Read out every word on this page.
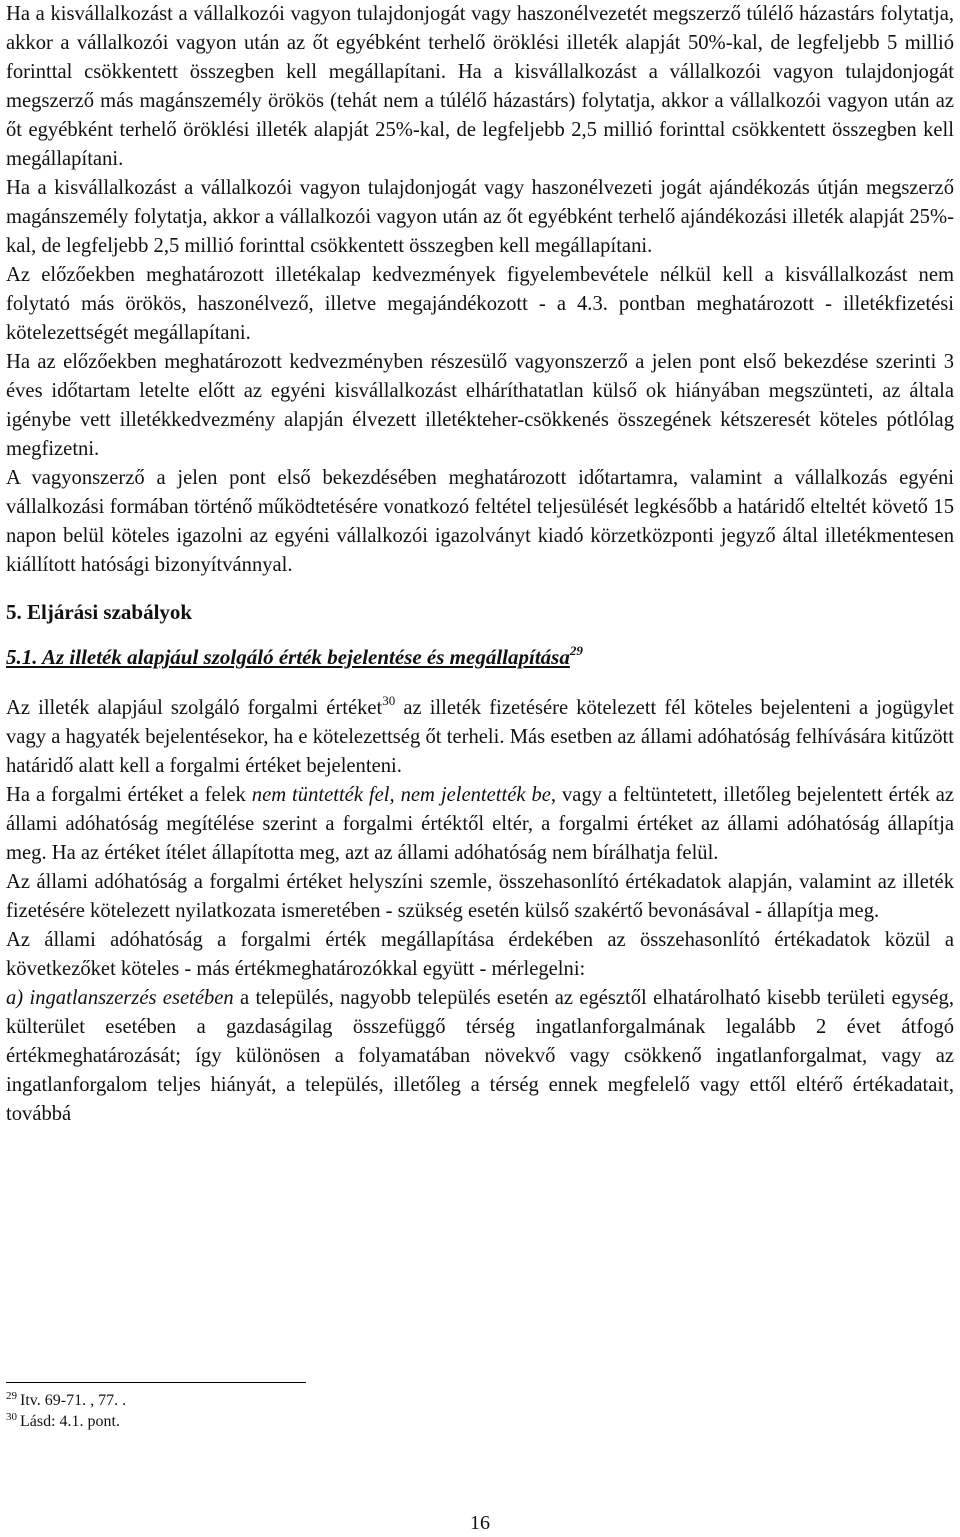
Ha a kisvállalkozást a vállalkozói vagyon tulajdonjogát vagy haszonélvezetét megszerző túlélő házastárs folytatja, akkor a vállalkozói vagyon után az őt egyébként terhelő öröklési illeték alapját 50%-kal, de legfeljebb 5 millió forinttal csökkentett összegben kell megállapítani. Ha a kisvállalkozást a vállalkozói vagyon tulajdonjogát megszerző más magánszemély örökös (tehát nem a túlélő házastárs) folytatja, akkor a vállalkozói vagyon után az őt egyébként terhelő öröklési illeték alapját 25%-kal, de legfeljebb 2,5 millió forinttal csökkentett összegben kell megállapítani.

Ha a kisvállalkozást a vállalkozói vagyon tulajdonjogát vagy haszonélvezeti jogát ajándékozás útján megszerző magánszemély folytatja, akkor a vállalkozói vagyon után az őt egyébként terhelő ajándékozási illeték alapját 25%-kal, de legfeljebb 2,5 millió forinttal csökkentett összegben kell megállapítani.

Az előzőekben meghatározott illetékalap kedvezmények figyelembevétele nélkül kell a kisvállalkozást nem folytató más örökös, haszonélvező, illetve megajándékozott - a 4.3. pontban meghatározott - illetékfizetési kötelezettségét megállapítani.

Ha az előzőekben meghatározott kedvezményben részesülő vagyonszerző a jelen pont első bekezdése szerinti 3 éves időtartam letelte előtt az egyéni kisvállalkozást elháríthatatlan külső ok hiányában megszünteti, az általa igénybe vett illetékkedvezmény alapján élvezett illetékteher-csökkenés összegének kétszeresét köteles pótlólag megfizetni.

A vagyonszerző a jelen pont első bekezdésében meghatározott időtartamra, valamint a vállalkozás egyéni vállalkozási formában történő működtetésére vonatkozó feltétel teljesülését legkésőbb a határidő elteltét követő 15 napon belül köteles igazolni az egyéni vállalkozói igazolványt kiadó körzetközponti jegyző által illetékmentesen kiállított hatósági bizonyítvánnyal.

5. Eljárási szabályok

5.1. Az illeték alapjául szolgáló érték bejelentése és megállapítása$^{29}$

Az illeték alapjául szolgáló forgalmi értéket$^{30}$ az illeték fizetésére kötelezett fél köteles bejelenteni a jogügylet vagy a hagyaték bejelentésekor, ha e kötelezettség őt terheli. Más esetben az állami adóhatóság felhívására kitűzött határidő alatt kell a forgalmi értéket bejelenteni.

Ha a forgalmi értéket a felek nem tüntették fel, nem jelentették be, vagy a feltüntetett, illetőleg bejelentett érték az állami adóhatóság megítélése szerint a forgalmi értéktől eltér, a forgalmi értéket az állami adóhatóság állapítja meg. Ha az értéket ítélet állapította meg, azt az állami adóhatóság nem bírálhatja felül.

Az állami adóhatóság a forgalmi értéket helyszíni szemle, összehasonlító értékadatok alapján, valamint az illeték fizetésére kötelezett nyilatkozata ismeretében - szükség esetén külső szakértő bevonásával - állapítja meg.

Az állami adóhatóság a forgalmi érték megállapítása érdekében az összehasonlító értékadatok közül a következőket köteles - más értékmeghatározókkal együtt - mérlegelni:

a) ingatlanszerzés esetében a település, nagyobb település esetén az egésztől elhatárolható kisebb területi egység, külterület esetében a gazdaságilag összefüggő térség ingatlanforgalmának legalább 2 évet átfogó értékmeghatározását; így különösen a folyamatában növekvő vagy csökkenő ingatlanforgalmat, vagy az ingatlanforgalom teljes hiányát, a település, illetőleg a térség ennek megfelelő vagy ettől eltérő értékadatait, továbbá

$^{29}$ Itv. 69-71. , 77. .
$^{30}$ Lásd: 4.1. pont.
16
